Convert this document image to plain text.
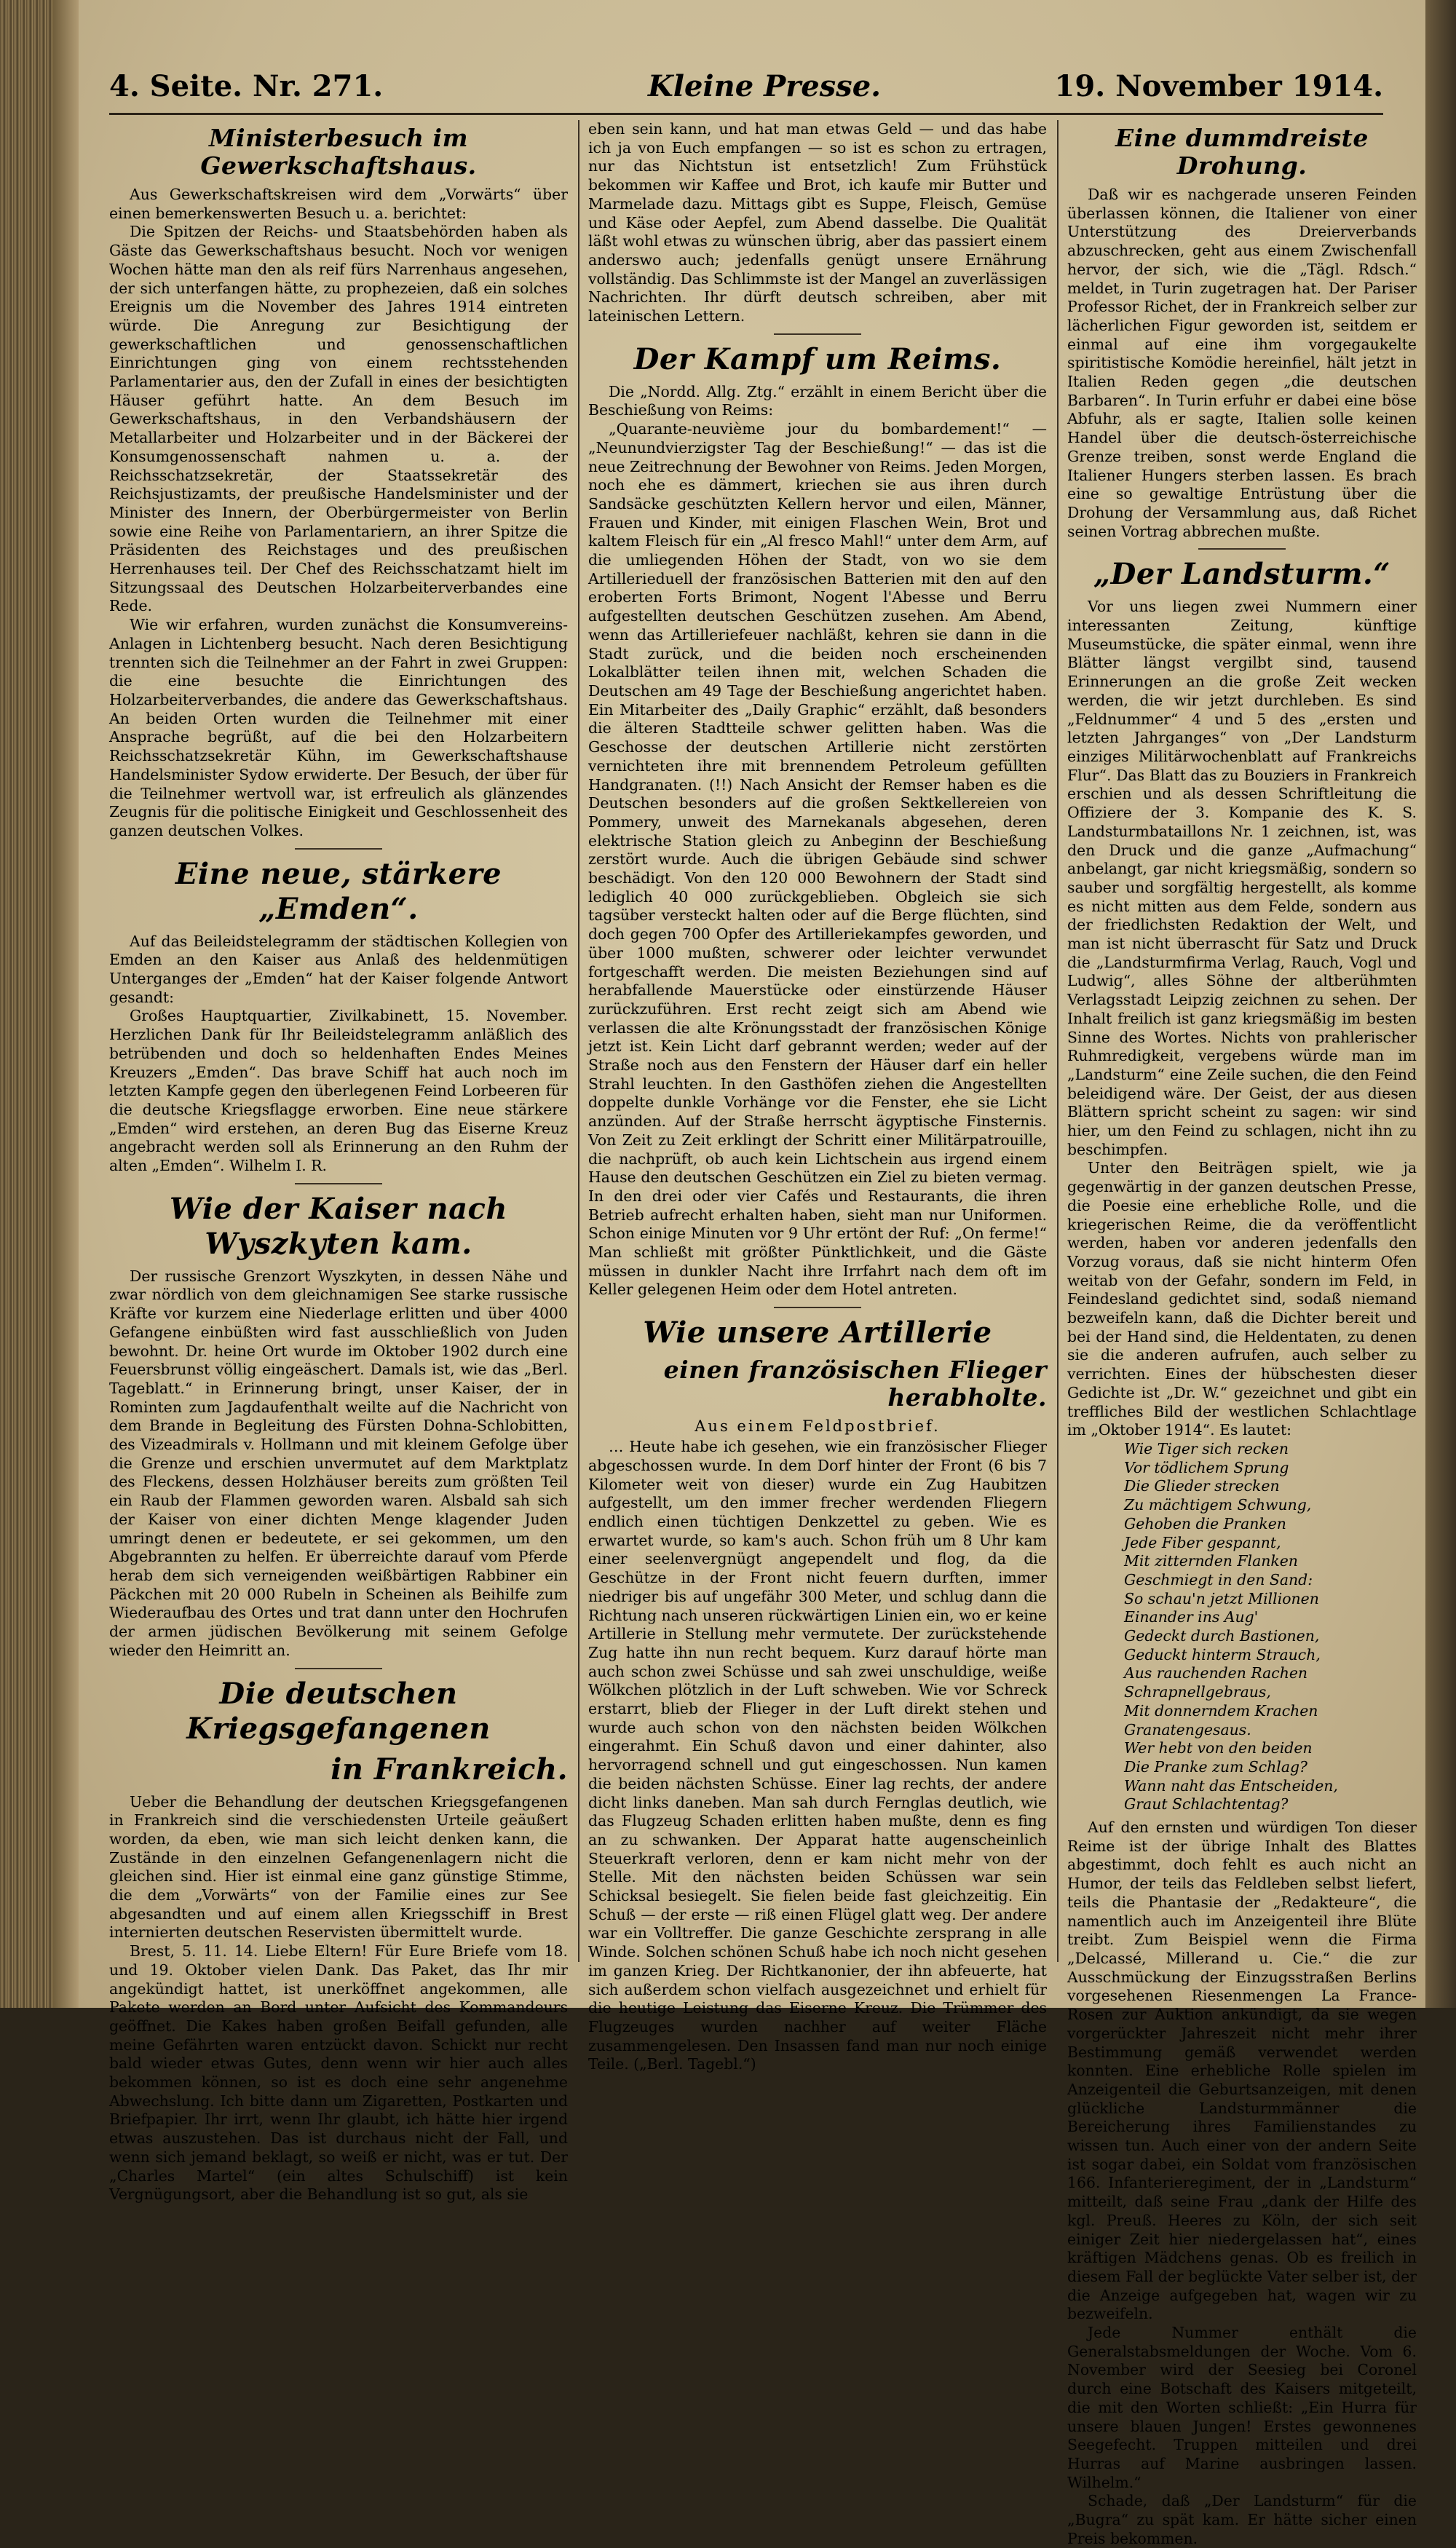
4. Seite. Nr. 271.	Kleine Presse.	19. November 1914.
Ministerbesuch im Gewerkschaftshaus.

Aus Gewerkschaftskreisen wird dem „Vorwärts“ über einen bemerkenswerten Besuch u. a. berichtet:

Die Spitzen der Reichs- und Staatsbehörden haben als Gäste das Gewerkschaftshaus besucht. Noch vor wenigen Wochen hätte man den als reif fürs Narrenhaus angesehen, der sich unterfangen hätte, zu prophezeien, daß ein solches Ereignis um die November des Jahres 1914 eintreten würde. Die Anregung zur Besichtigung der gewerkschaftlichen und genossenschaftlichen Einrichtungen ging von einem rechtsstehenden Parlamentarier aus, den der Zufall in eines der besichtigten Häuser geführt hatte. An dem Besuch im Gewerkschaftshaus, in den Verbandshäusern der Metallarbeiter und Holzarbeiter und in der Bäckerei der Konsumgenossenschaft nahmen u. a. der Reichsschatzsekretär, der Staatssekretär des Reichsjustizamts, der preußische Handelsminister und der Minister des Innern, der Oberbürgermeister von Berlin sowie eine Reihe von Parlamentariern, an ihrer Spitze die Präsidenten des Reichstages und des preußischen Herrenhauses teil. Der Chef des Reichsschatzamt hielt im Sitzungssaal des Deutschen Holzarbeiterverbandes eine Rede.

Wie wir erfahren, wurden zunächst die Konsumvereins-Anlagen in Lichtenberg besucht. Nach deren Besichtigung trennten sich die Teilnehmer an der Fahrt in zwei Gruppen: die eine besuchte die Einrichtungen des Holzarbeiterverbandes, die andere das Gewerkschaftshaus. An beiden Orten wurden die Teilnehmer mit einer Ansprache begrüßt, auf die bei den Holzarbeitern Reichsschatzsekretär Kühn, im Gewerkschaftshause Handelsminister Sydow erwiderte. Der Besuch, der über für die Teilnehmer wertvoll war, ist erfreulich als glänzendes Zeugnis für die politische Einigkeit und Geschlossenheit des ganzen deutschen Volkes.

Eine neue, stärkere „Emden“.

Auf das Beileidstelegramm der städtischen Kollegien von Emden an den Kaiser aus Anlaß des heldenmütigen Unterganges der „Emden“ hat der Kaiser folgende Antwort gesandt:

Großes Hauptquartier, Zivilkabinett, 15. November. Herzlichen Dank für Ihr Beileidstelegramm anläßlich des betrübenden und doch so heldenhaften Endes Meines Kreuzers „Emden“. Das brave Schiff hat auch noch im letzten Kampfe gegen den überlegenen Feind Lorbeeren für die deutsche Kriegsflagge erworben. Eine neue stärkere „Emden“ wird erstehen, an deren Bug das Eiserne Kreuz angebracht werden soll als Erinnerung an den Ruhm der alten „Emden“. Wilhelm I. R.

Wie der Kaiser nach Wyszkyten kam.

Der russische Grenzort Wyszkyten, in dessen Nähe und zwar nördlich von dem gleichnamigen See starke russische Kräfte vor kurzem eine Niederlage erlitten und über 4000 Gefangene einbüßten wird fast ausschließlich von Juden bewohnt. Dr. heine Ort wurde im Oktober 1902 durch eine Feuersbrunst völlig eingeäschert. Damals ist, wie das „Berl. Tageblatt.“ in Erinnerung bringt, unser Kaiser, der in Rominten zum Jagdaufenthalt weilte auf die Nachricht von dem Brande in Begleitung des Fürsten Dohna-Schlobitten, des Vizeadmirals v. Hollmann und mit kleinem Gefolge über die Grenze und erschien unvermutet auf dem Marktplatz des Fleckens, dessen Holzhäuser bereits zum größten Teil ein Raub der Flammen geworden waren. Alsbald sah sich der Kaiser von einer dichten Menge klagender Juden umringt denen er bedeutete, er sei gekommen, um den Abgebrannten zu helfen. Er überreichte darauf vom Pferde herab dem sich verneigenden weißbärtigen Rabbiner ein Päckchen mit 20 000 Rubeln in Scheinen als Beihilfe zum Wiederaufbau des Ortes und trat dann unter den Hochrufen der armen jüdischen Bevölkerung mit seinem Gefolge wieder den Heimritt an.

Die deutschen Kriegsgefangenen
in Frankreich.

Ueber die Behandlung der deutschen Kriegsgefangenen in Frankreich sind die verschiedensten Urteile geäußert worden, da eben, wie man sich leicht denken kann, die Zustände in den einzelnen Gefangenenlagern nicht die gleichen sind. Hier ist einmal eine ganz günstige Stimme, die dem „Vorwärts“ von der Familie eines zur See abgesandten und auf einem allen Kriegsschiff in Brest internierten deutschen Reservisten übermittelt wurde.

Brest, 5. 11. 14. Liebe Eltern! Für Eure Briefe vom 18. und 19. Oktober vielen Dank. Das Paket, das Ihr mir angekündigt hattet, ist unerköffnet angekommen, alle Pakete werden an Bord unter Aufsicht des Kommandeurs geöffnet. Die Kakes haben großen Beifall gefunden, alle meine Gefährten waren entzückt davon. Schickt nur recht bald wieder etwas Gutes, denn wenn wir hier auch alles bekommen können, so ist es doch eine sehr angenehme Abwechslung. Ich bitte dann um Zigaretten, Postkarten und Briefpapier. Ihr irrt, wenn Ihr glaubt, ich hätte hier irgend etwas auszustehen. Das ist durchaus nicht der Fall, und wenn sich jemand beklagt, so weiß er nicht, was er tut. Der „Charles Martel“ (ein altes Schulschiff) ist kein Vergnügungsort, aber die Behandlung ist so gut, als sie

eben sein kann, und hat man etwas Geld — und das habe ich ja von Euch empfangen — so ist es schon zu ertragen, nur das Nichtstun ist entsetzlich! Zum Frühstück bekommen wir Kaffee und Brot, ich kaufe mir Butter und Marmelade dazu. Mittags gibt es Suppe, Fleisch, Gemüse und Käse oder Aepfel, zum Abend dasselbe. Die Qualität läßt wohl etwas zu wünschen übrig, aber das passiert einem anderswo auch; jedenfalls genügt unsere Ernährung vollständig. Das Schlimmste ist der Mangel an zuverlässigen Nachrichten. Ihr dürft deutsch schreiben, aber mit lateinischen Lettern.

Der Kampf um Reims.

Die „Nordd. Allg. Ztg.“ erzählt in einem Bericht über die Beschießung von Reims:

„Quarante-neuvième jour du bombardement!“ — „Neunundvierzigster Tag der Beschießung!“ — das ist die neue Zeitrechnung der Bewohner von Reims. Jeden Morgen, noch ehe es dämmert, kriechen sie aus ihren durch Sandsäcke geschützten Kellern hervor und eilen, Männer, Frauen und Kinder, mit einigen Flaschen Wein, Brot und kaltem Fleisch für ein „Al fresco Mahl!“ unter dem Arm, auf die umliegenden Höhen der Stadt, von wo sie dem Artillerieduell der französischen Batterien mit den auf den eroberten Forts Brimont, Nogent l'Abesse und Berru aufgestellten deutschen Geschützen zusehen. Am Abend, wenn das Artilleriefeuer nachläßt, kehren sie dann in die Stadt zurück, und die beiden noch erscheinenden Lokalblätter teilen ihnen mit, welchen Schaden die Deutschen am 49 Tage der Beschießung angerichtet haben. Ein Mitarbeiter des „Daily Graphic“ erzählt, daß besonders die älteren Stadtteile schwer gelitten haben. Was die Geschosse der deutschen Artillerie nicht zerstörten vernichteten ihre mit brennendem Petroleum gefüllten Handgranaten. (!!) Nach Ansicht der Remser haben es die Deutschen besonders auf die großen Sektkellereien von Pommery, unweit des Marnekanals abgesehen, deren elektrische Station gleich zu Anbeginn der Beschießung zerstört wurde. Auch die übrigen Gebäude sind schwer beschädigt. Von den 120 000 Bewohnern der Stadt sind lediglich 40 000 zurückgeblieben. Obgleich sie sich tagsüber versteckt halten oder auf die Berge flüchten, sind doch gegen 700 Opfer des Artilleriekampfes geworden, und über 1000 mußten, schwerer oder leichter verwundet fortgeschafft werden. Die meisten Beziehungen sind auf herabfallende Mauerstücke oder einstürzende Häuser zurückzuführen. Erst recht zeigt sich am Abend wie verlassen die alte Krönungsstadt der französischen Könige jetzt ist. Kein Licht darf gebrannt werden; weder auf der Straße noch aus den Fenstern der Häuser darf ein heller Strahl leuchten. In den Gasthöfen ziehen die Angestellten doppelte dunkle Vorhänge vor die Fenster, ehe sie Licht anzünden. Auf der Straße herrscht ägyptische Finsternis. Von Zeit zu Zeit erklingt der Schritt einer Militärpatrouille, die nachprüft, ob auch kein Lichtschein aus irgend einem Hause den deutschen Geschützen ein Ziel zu bieten vermag. In den drei oder vier Cafés und Restaurants, die ihren Betrieb aufrecht erhalten haben, sieht man nur Uniformen. Schon einige Minuten vor 9 Uhr ertönt der Ruf: „On ferme!“ Man schließt mit größter Pünktlichkeit, und die Gäste müssen in dunkler Nacht ihre Irrfahrt nach dem oft im Keller gelegenen Heim oder dem Hotel antreten.

Wie unsere Artillerie
einen französischen Flieger herabholte.
Aus einem Feldpostbrief.

… Heute habe ich gesehen, wie ein französischer Flieger abgeschossen wurde. In dem Dorf hinter der Front (6 bis 7 Kilometer weit von dieser) wurde ein Zug Haubitzen aufgestellt, um den immer frecher werdenden Fliegern endlich einen tüchtigen Denkzettel zu geben. Wie es erwartet wurde, so kam's auch. Schon früh um 8 Uhr kam einer seelenvergnügt angependelt und flog, da die Geschütze in der Front nicht feuern durften, immer niedriger bis auf ungefähr 300 Meter, und schlug dann die Richtung nach unseren rückwärtigen Linien ein, wo er keine Artillerie in Stellung mehr vermutete. Der zurückstehende Zug hatte ihn nun recht bequem. Kurz darauf hörte man auch schon zwei Schüsse und sah zwei unschuldige, weiße Wölkchen plötzlich in der Luft schweben. Wie vor Schreck erstarrt, blieb der Flieger in der Luft direkt stehen und wurde auch schon von den nächsten beiden Wölkchen eingerahmt. Ein Schuß davon und einer dahinter, also hervorragend schnell und gut eingeschossen. Nun kamen die beiden nächsten Schüsse. Einer lag rechts, der andere dicht links daneben. Man sah durch Fernglas deutlich, wie das Flugzeug Schaden erlitten haben mußte, denn es fing an zu schwanken. Der Apparat hatte augenscheinlich Steuerkraft verloren, denn er kam nicht mehr von der Stelle. Mit den nächsten beiden Schüssen war sein Schicksal besiegelt. Sie fielen beide fast gleichzeitig. Ein Schuß — der erste — riß einen Flügel glatt weg. Der andere war ein Volltreffer. Die ganze Geschichte zersprang in alle Winde. Solchen schönen Schuß habe ich noch nicht gesehen im ganzen Krieg. Der Richtkanonier, der ihn abfeuerte, hat sich außerdem schon vielfach ausgezeichnet und erhielt für die heutige Leistung das Eiserne Kreuz. Die Trümmer des Flugzeuges wurden nachher auf weiter Fläche zusammengelesen. Den Insassen fand man nur noch einige Teile. („Berl. Tagebl.“)

Eine dummdreiste Drohung.

Daß wir es nachgerade unseren Feinden überlassen können, die Italiener von einer Unterstützung des Dreierverbands abzuschrecken, geht aus einem Zwischenfall hervor, der sich, wie die „Tägl. Rdsch.“ meldet, in Turin zugetragen hat. Der Pariser Professor Richet, der in Frankreich selber zur lächerlichen Figur geworden ist, seitdem er einmal auf eine ihm vorgegaukelte spiritistische Komödie hereinfiel, hält jetzt in Italien Reden gegen „die deutschen Barbaren“. In Turin erfuhr er dabei eine böse Abfuhr, als er sagte, Italien solle keinen Handel über die deutsch-österreichische Grenze treiben, sonst werde England die Italiener Hungers sterben lassen. Es brach eine so gewaltige Entrüstung über die Drohung der Versammlung aus, daß Richet seinen Vortrag abbrechen mußte.

„Der Landsturm.“

Vor uns liegen zwei Nummern einer interessanten Zeitung, künftige Museumstücke, die später einmal, wenn ihre Blätter längst vergilbt sind, tausend Erinnerungen an die große Zeit wecken werden, die wir jetzt durchleben. Es sind „Feldnummer“ 4 und 5 des „ersten und letzten Jahrganges“ von „Der Landsturm einziges Militärwochenblatt auf Frankreichs Flur“. Das Blatt das zu Bouziers in Frankreich erschien und als dessen Schriftleitung die Offiziere der 3. Kompanie des K. S. Landsturmbataillons Nr. 1 zeichnen, ist, was den Druck und die ganze „Aufmachung“ anbelangt, gar nicht kriegsmäßig, sondern so sauber und sorgfältig hergestellt, als komme es nicht mitten aus dem Felde, sondern aus der friedlichsten Redaktion der Welt, und man ist nicht überrascht für Satz und Druck die „Landsturmfirma Verlag, Rauch, Vogl und Ludwig“, alles Söhne der altberühmten Verlagsstadt Leipzig zeichnen zu sehen. Der Inhalt freilich ist ganz kriegsmäßig im besten Sinne des Wortes. Nichts von prahlerischer Ruhmredigkeit, vergebens würde man im „Landsturm“ eine Zeile suchen, die den Feind beleidigend wäre. Der Geist, der aus diesen Blättern spricht scheint zu sagen: wir sind hier, um den Feind zu schlagen, nicht ihn zu beschimpfen.

Unter den Beiträgen spielt, wie ja gegenwärtig in der ganzen deutschen Presse, die Poesie eine erhebliche Rolle, und die kriegerischen Reime, die da veröffentlicht werden, haben vor anderen jedenfalls den Vorzug voraus, daß sie nicht hinterm Ofen weitab von der Gefahr, sondern im Feld, in Feindesland gedichtet sind, sodaß niemand bezweifeln kann, daß die Dichter bereit und bei der Hand sind, die Heldentaten, zu denen sie die anderen aufrufen, auch selber zu verrichten. Eines der hübschesten dieser Gedichte ist „Dr. W.“ gezeichnet und gibt ein treffliches Bild der westlichen Schlachtlage im „Oktober 1914“. Es lautet:

Wie Tiger sich recken

Vor tödlichem Sprung

Die Glieder strecken

Zu mächtigem Schwung,

Gehoben die Pranken

Jede Fiber gespannt,

Mit zitternden Flanken

Geschmiegt in den Sand:

So schau'n jetzt Millionen

Einander ins Aug'

Gedeckt durch Bastionen,

Geduckt hinterm Strauch,

Aus rauchenden Rachen

Schrapnellgebraus,

Mit donnerndem Krachen

Granatengesaus.

Wer hebt von den beiden

Die Pranke zum Schlag?

Wann naht das Entscheiden,

Graut Schlachtentag?

Auf den ernsten und würdigen Ton dieser Reime ist der übrige Inhalt des Blattes abgestimmt, doch fehlt es auch nicht an Humor, der teils das Feldleben selbst liefert, teils die Phantasie der „Redakteure“, die namentlich auch im Anzeigenteil ihre Blüte treibt. Zum Beispiel wenn die Firma „Delcassé, Millerand u. Cie.“ die zur Ausschmückung der Einzugsstraßen Berlins vorgesehenen Riesenmengen La France-Rosen zur Auktion ankündigt, da sie wegen vorgerückter Jahreszeit nicht mehr ihrer Bestimmung gemäß verwendet werden konnten. Eine erhebliche Rolle spielen im Anzeigenteil die Geburtsanzeigen, mit denen glückliche Landsturmmänner die Bereicherung ihres Familienstandes zu wissen tun. Auch einer von der andern Seite ist sogar dabei, ein Soldat vom französischen 166. Infanterieregiment, der in „Landsturm“ mitteilt, daß seine Frau „dank der Hilfe des kgl. Preuß. Heeres zu Köln, der sich seit einiger Zeit hier niedergelassen hat“, eines kräftigen Mädchens genas. Ob es freilich in diesem Fall der beglückte Vater selber ist, der die Anzeige aufgegeben hat, wagen wir zu bezweifeln.

Jede Nummer enthält die Generalstabsmeldungen der Woche. Vom 6. November wird der Seesieg bei Coronel durch eine Botschaft des Kaisers mitgeteilt, die mit den Worten schließt: „Ein Hurra für unsere blauen Jungen! Erstes gewonnenes Seegefecht. Truppen mitteilen und drei Hurras auf Marine ausbringen lassen. Wilhelm.“

Schade, daß „Der Landsturm“ für die „Bugra“ zu spät kam. Er hätte sicher einen Preis bekommen.
